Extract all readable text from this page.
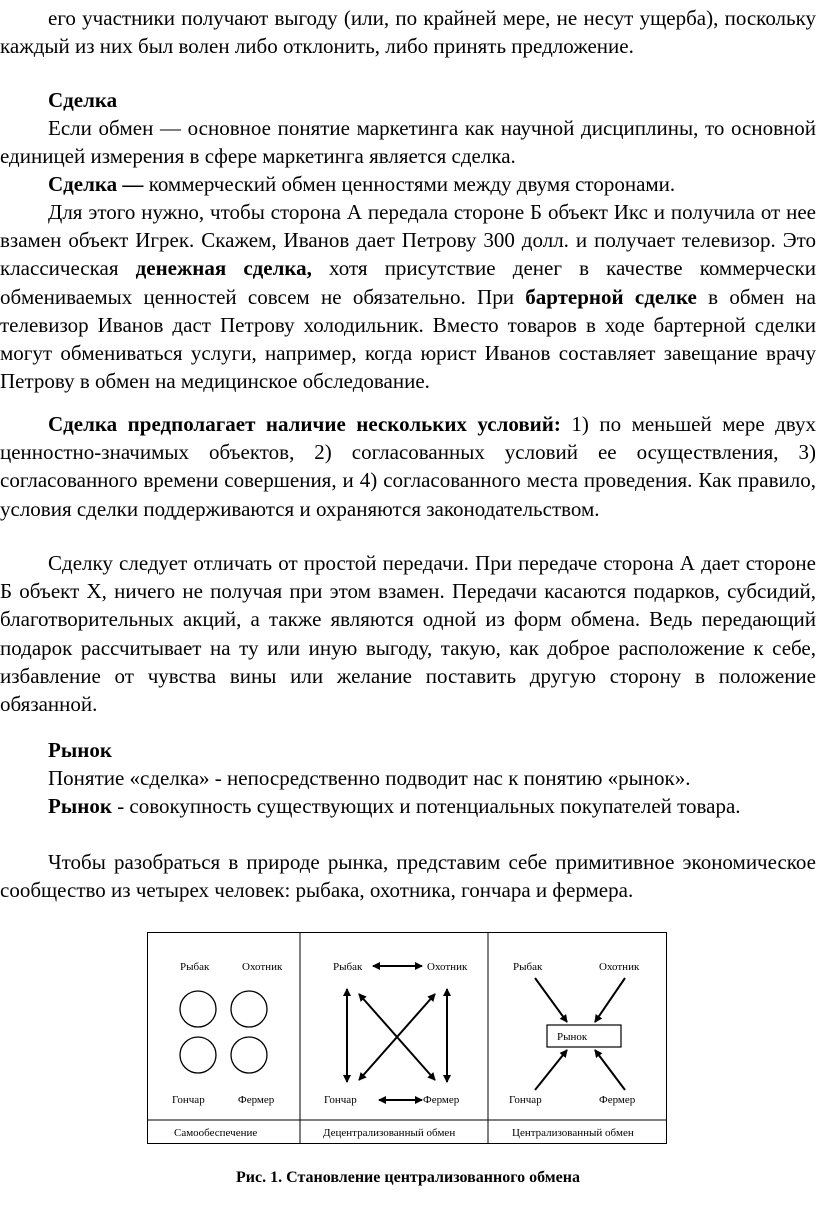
его участники получают выгоду (или, по крайней мере, не несут ущерба), поскольку каждый из них был волен либо отклонить, либо принять предложение.

Сделка

Если обмен ― основное понятие маркетинга как научной дисциплины, то основной единицей измерения в сфере маркетинга является сделка.

Сделка ― коммерческий обмен ценностями между двумя сторонами.

Для этого нужно, чтобы сторона А передала стороне Б объект Икс и получила от нее взамен объект Игрек. Скажем, Иванов дает Петрову 300 долл. и получает телевизор. Это классическая денежная сделка, хотя присутствие денег в качестве коммерчески обмениваемых ценностей совсем не обязательно. При бартерной сделке в обмен на телевизор Иванов даст Петрову холодильник. Вместо товаров в ходе бартерной сделки могут обмениваться услуги, например, когда юрист Иванов составляет завещание врачу Петрову в обмен на медицинское обследование.

Сделка предполагает наличие нескольких условий: 1) по меньшей мере двух ценностно-значимых объектов, 2) согласованных условий ее осуществления, 3) согласованного времени совершения, и 4) согласованного места проведения. Как правило, условия сделки поддерживаются и охраняются законодательством.

Сделку следует отличать от простой передачи. При передаче сторона А дает стороне Б объект X, ничего не получая при этом взамен. Передачи касаются подарков, субсидий, благотворительных акций, а также являются одной из форм обмена. Ведь передающий подарок рассчитывает на ту или иную выгоду, такую, как доброе расположение к себе, избавление от чувства вины или желание поставить другую сторону в положение обязанной.

Рынок

Понятие «сделка» - непосредственно подводит нас к понятию «рынок».

Рынок - совокупность существующих и потенциальных покупателей товара.

Чтобы разобраться в природе рынка, представим себе примитивное экономическое сообщество из четырех человек: рыбака, охотника, гончара и фермера.

Рыбак	Охотник
Гончар	Фермер
Самообеспечение
Рыбак	Охотник
Гончар	Фермер
Децентрализованный обмен
Рыбак	Охотник
Рынок
Гончар	Фермер
Централизованный обмен

Рис. 1. Становление централизованного обмена
